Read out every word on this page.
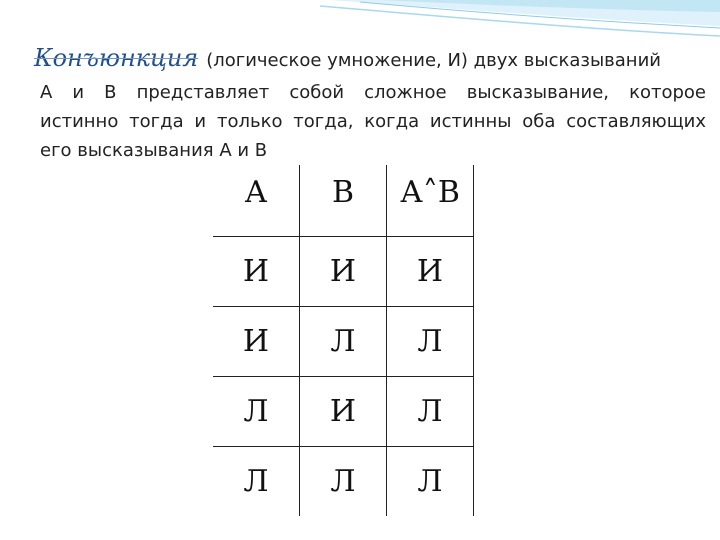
Конъюнкция (логическое умножение, И) двух высказываний
А и В представляет собой сложное высказывание, которое
истинно тогда и только тогда, когда истинны оба составляющих
его высказывания А и В
А	В	А˄В
И	И	И
И	Л	Л
Л	И	Л
Л	Л	Л
